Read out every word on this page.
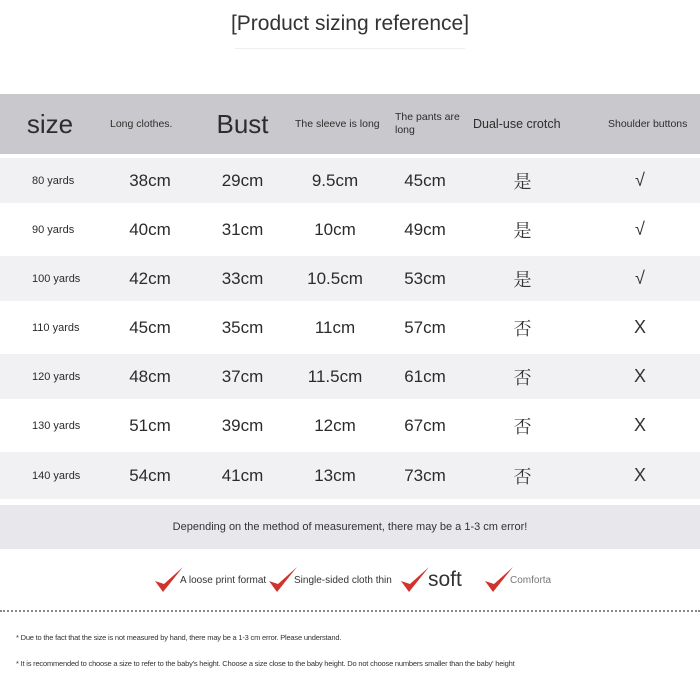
[Product sizing reference]
size	Long clothes.	Bust	The sleeve is long	The pants are long	Dual-use crotch	Shoulder buttons
80 yards	38cm	29cm	9.5cm	45cm	是	√
90 yards	40cm	31cm	10cm	49cm	是	√
100 yards	42cm	33cm	10.5cm	53cm	是	√
110 yards	45cm	35cm	11cm	57cm	否	X
120 yards	48cm	37cm	11.5cm	61cm	否	X
130 yards	51cm	39cm	12cm	67cm	否	X
140 yards	54cm	41cm	13cm	73cm	否	X
Depending on the method of measurement, there may be a 1-3 cm error!
A loose print format	Single-sided cloth thin soft	Comforta
* Due to the fact that the size is not measured by hand, there may be a 1-3 cm error. Please understand.
* It is recommended to choose a size to refer to the baby's height. Choose a size close to the baby height. Do not choose numbers smaller than the baby' height
